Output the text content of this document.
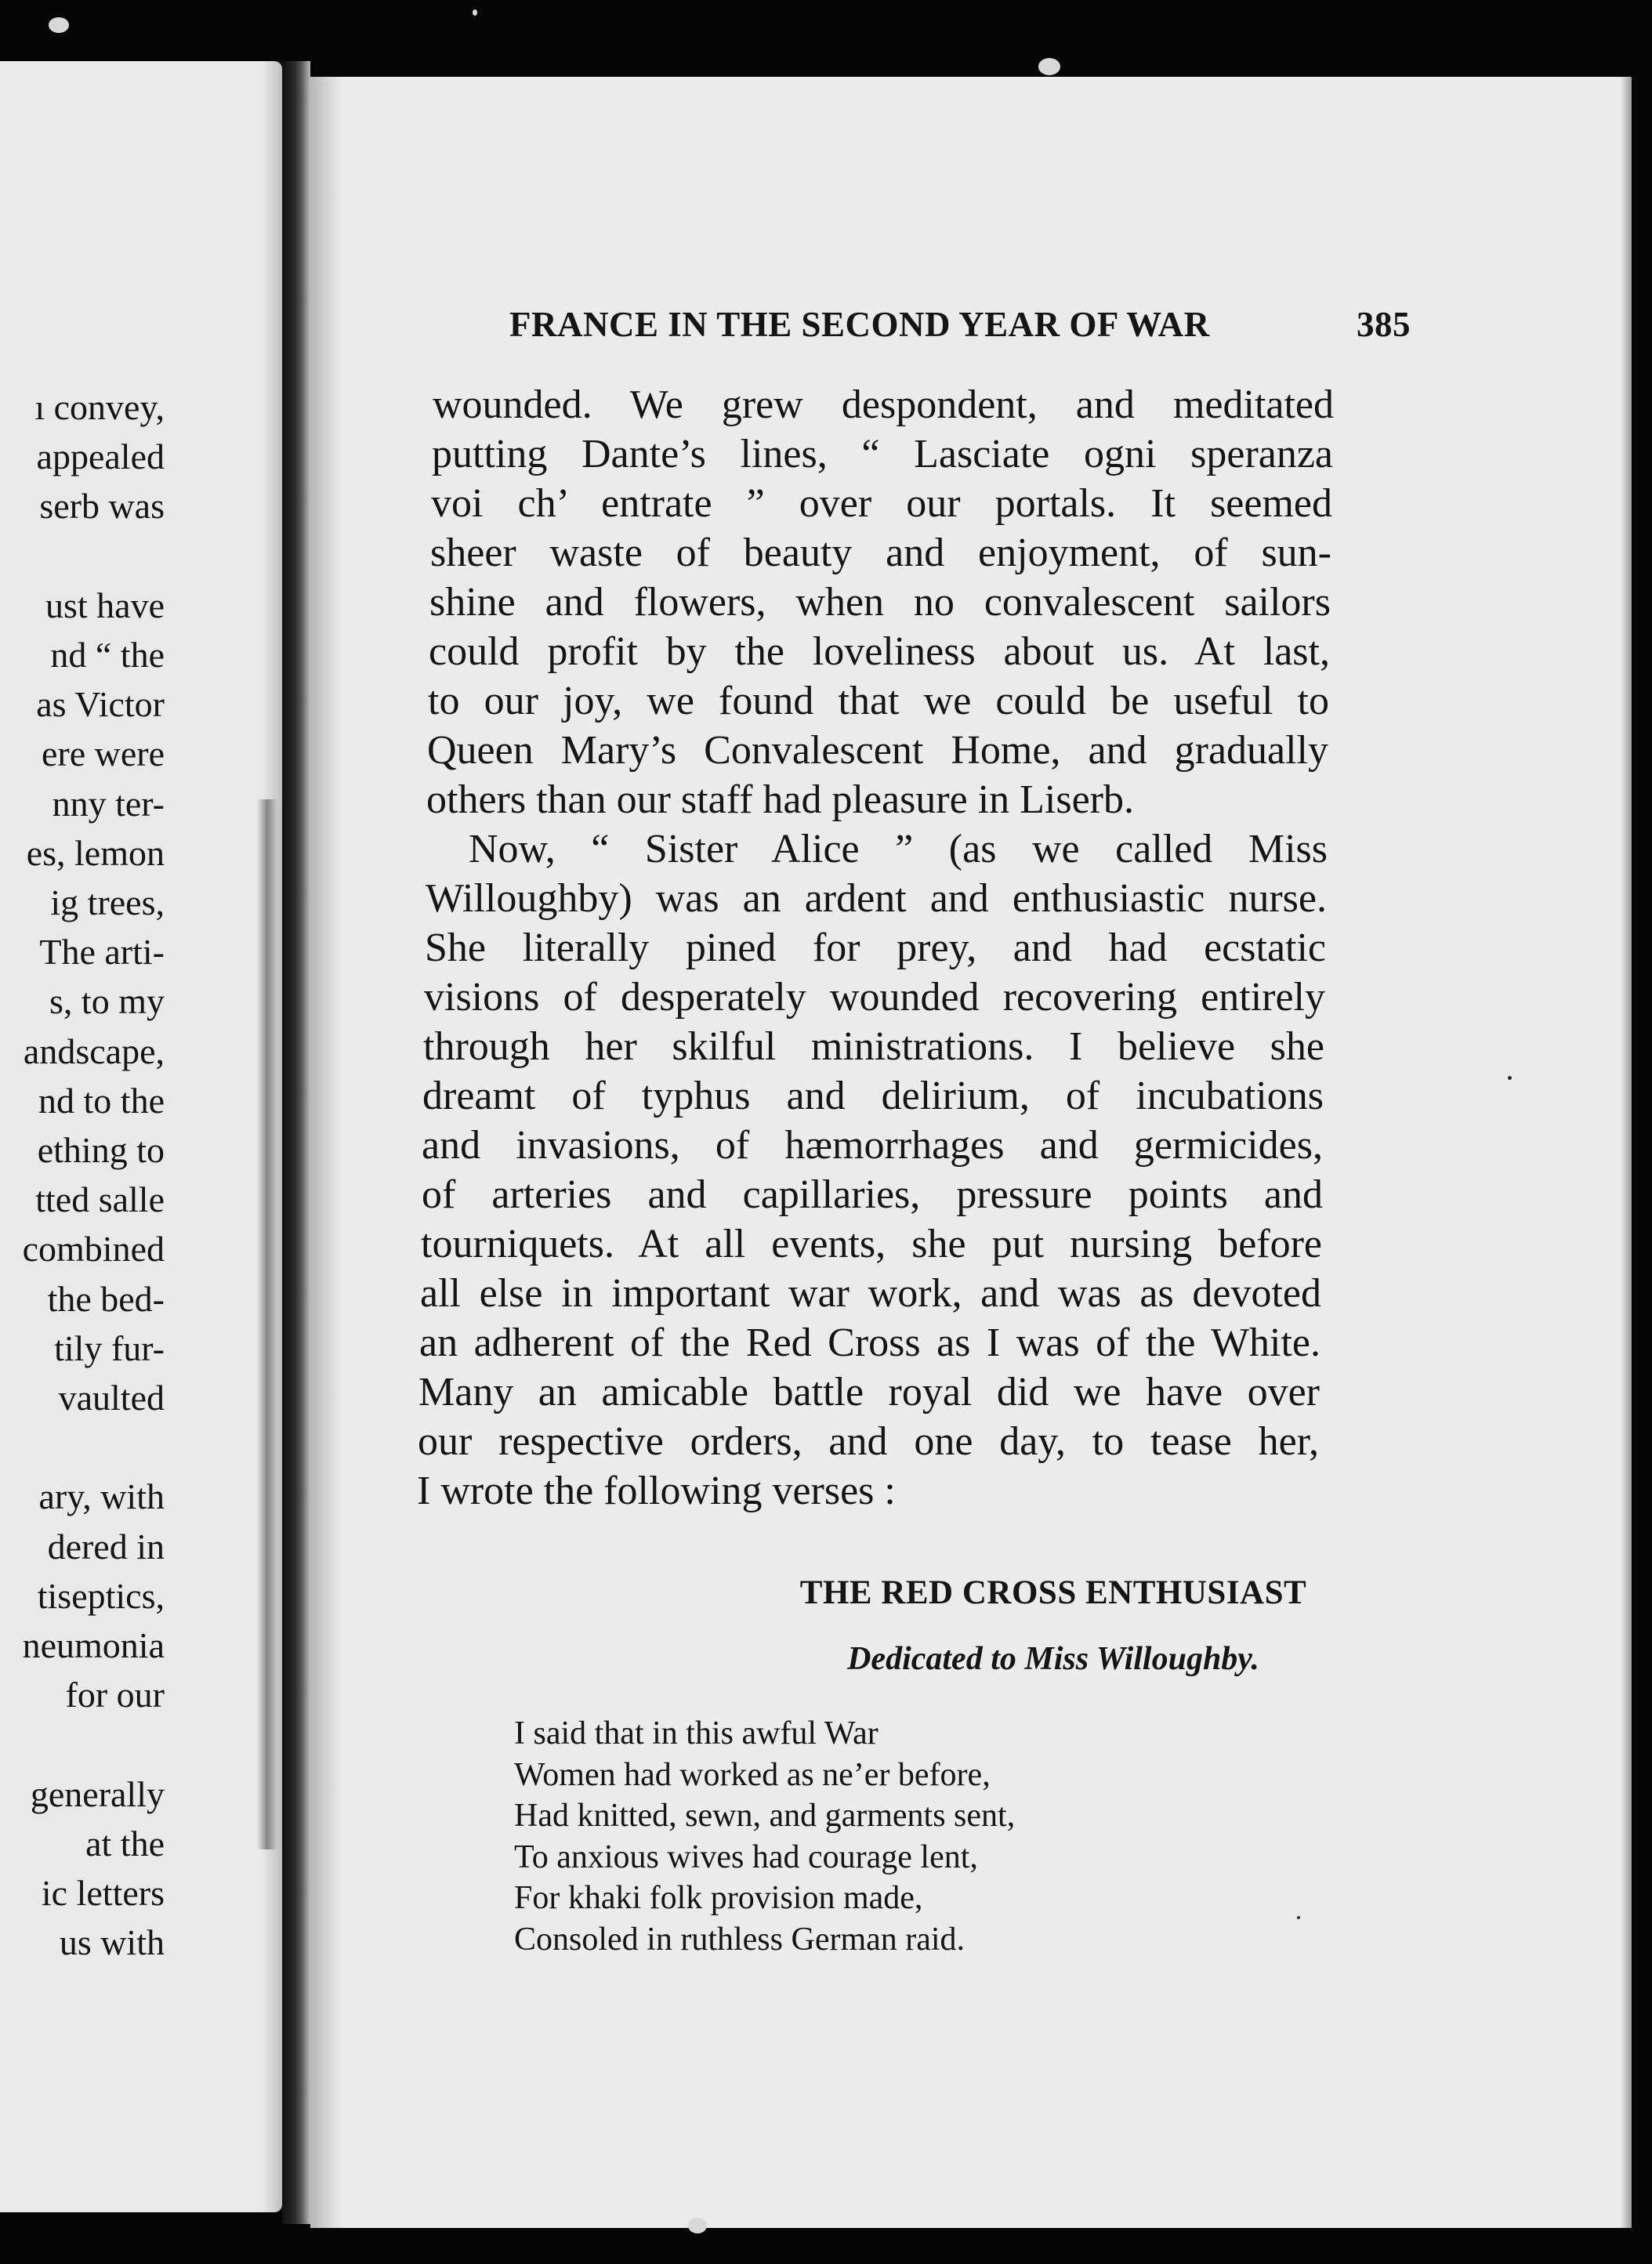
ı convey,
appealed
serb was
ust have
nd “ the
as Victor
ere were
nny ter-
es, lemon
ig trees,
The arti-
s, to my
andscape,
nd to the
ething to
tted salle
combined
the bed-
tily fur-
vaulted
ary, with
dered in
tiseptics,
neumonia
for our
generally
at the
ic letters
us with
FRANCE IN THE SECOND YEAR OF WAR	385
wounded. We grew despondent, and meditated
putting Dante’s lines, “ Lasciate ogni speranza
voi ch’ entrate ” over our portals. It seemed
sheer waste of beauty and enjoyment, of sun-
shine and flowers, when no convalescent sailors
could profit by the loveliness about us. At last,
to our joy, we found that we could be useful to
Queen Mary’s Convalescent Home, and gradually
others than our staff had pleasure in Liserb.
Now, “ Sister Alice ” (as we called Miss
Willoughby) was an ardent and enthusiastic nurse.
She literally pined for prey, and had ecstatic
visions of desperately wounded recovering entirely
through her skilful ministrations. I believe she
dreamt of typhus and delirium, of incubations
and invasions, of hæmorrhages and germicides,
of arteries and capillaries, pressure points and
tourniquets. At all events, she put nursing before
all else in important war work, and was as devoted
an adherent of the Red Cross as I was of the White.
Many an amicable battle royal did we have over
our respective orders, and one day, to tease her,
I wrote the following verses :
THE RED CROSS ENTHUSIAST
Dedicated to Miss Willoughby.
I said that in this awful War
Women had worked as ne’er before,
Had knitted, sewn, and garments sent,
To anxious wives had courage lent,
For khaki folk provision made,
Consoled in ruthless German raid.
